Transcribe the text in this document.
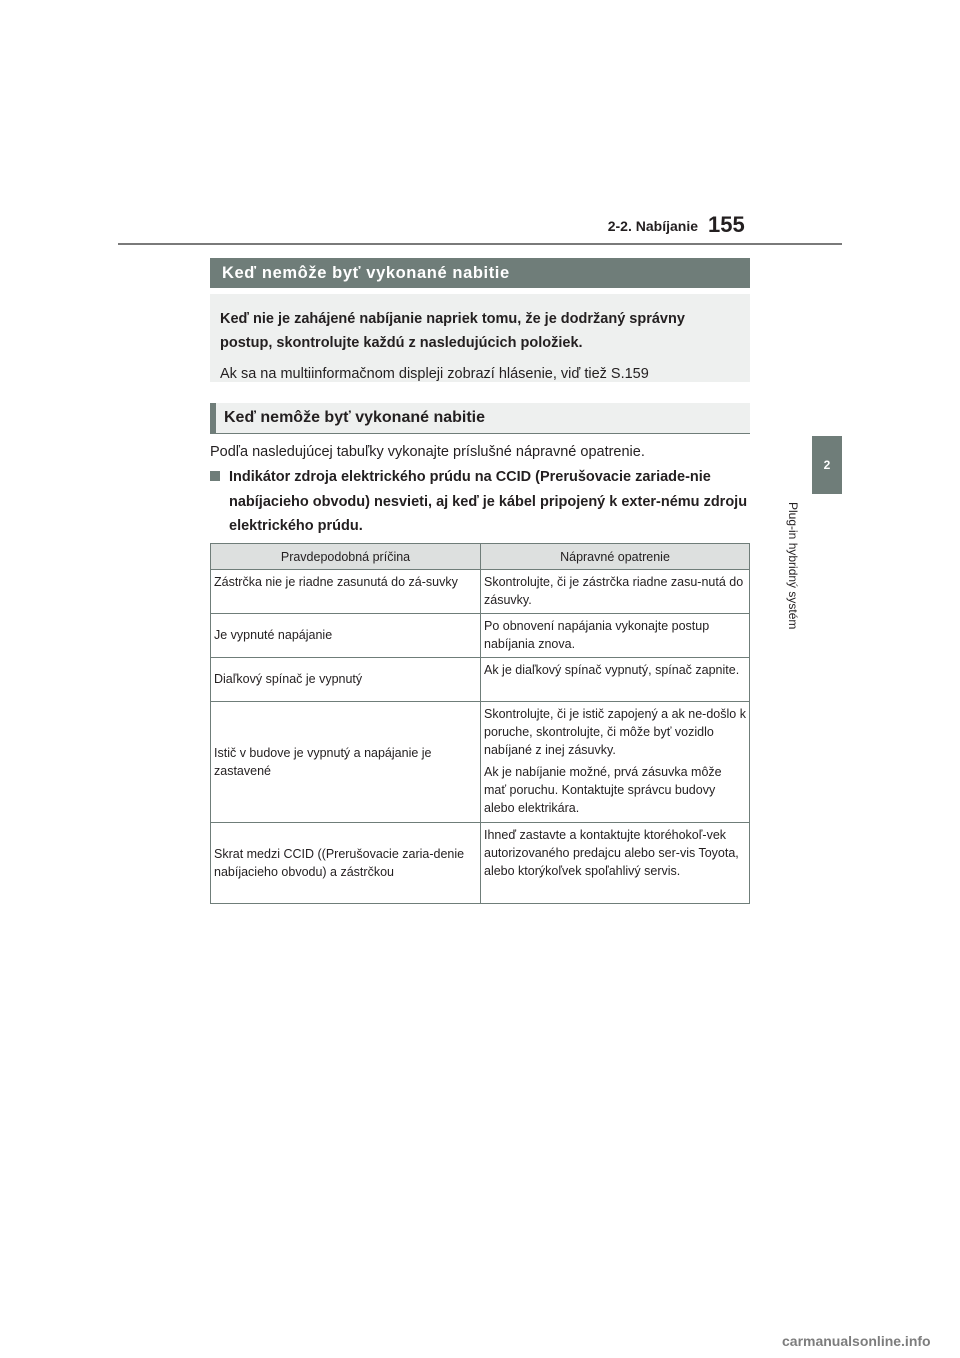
2-2. Nabíjanie 155
2
Plug-in hybridný systém
Keď nemôže byť vykonané nabitie

Keď nie je zahájené nabíjanie napriek tomu, že je dodržaný správny postup, skontrolujte každú z nasledujúcich položiek.

Ak sa na multiinformačnom displeji zobrazí hlásenie, viď tiež S.159

Keď nemôže byť vykonané nabitie

Podľa nasledujúcej tabuľky vykonajte príslušné nápravné opatrenie.

Indikátor zdroja elektrického prúdu na CCID (Prerušovacie zariade-nie nabíjacieho obvodu) nesvieti, aj keď je kábel pripojený k exter-nému zdroju elektrického prúdu.

Pravdepodobná príčina	Nápravné opatrenie
Zástrčka nie je riadne zasunutá do zá-suvky	Skontrolujte, či je zástrčka riadne zasu-nutá do zásuvky.

Je vypnuté napájanie	Po obnovení napájania vykonajte postup nabíjania znova.

Diaľkový spínač je vypnutý	Ak je diaľkový spínač vypnutý, spínač zapnite.

Istič v budove je vypnutý a napájanie je zastavené	Skontrolujte, či je istič zapojený a ak ne-došlo k poruche, skontrolujte, či môže byť vozidlo nabíjané z inej zásuvky.

Ak je nabíjanie možné, prvá zásuvka môže mať poruchu. Kontaktujte správcu budovy alebo elektrikára.

Skrat medzi CCID ((Prerušovacie zaria-denie nabíjacieho obvodu) a zástrčkou	Ihneď zastavte a kontaktujte ktoréhokoľ-vek autorizovaného predajcu alebo ser-vis Toyota, alebo ktorýkoľvek spoľahlivý servis.

carmanualsonline.info
